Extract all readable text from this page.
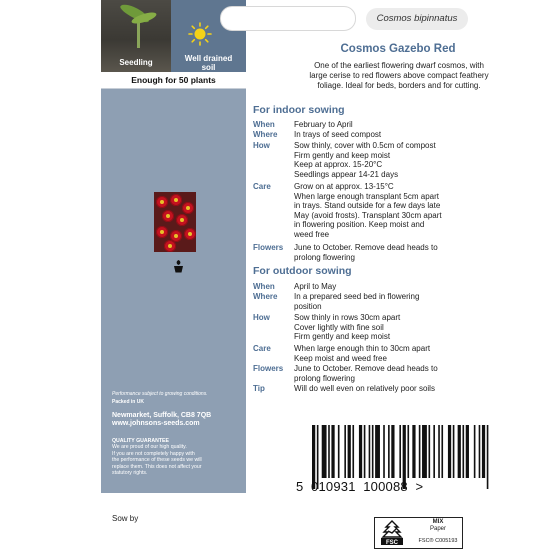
Seedling	Well drained
soil
Enough for 50 plants
Performance subject to growing conditions.
Packed in UK
Newmarket, Suffolk, CB8 7QB
www.johnsons-seeds.com
QUALITY GUARANTEE
We are proud of our high quality.
If you are not completely happy with
the performance of these seeds we will
replace them. This does not affect your
statutory rights.
Cosmos bipinnatus
Cosmos Gazebo Red
One of the earliest flowering dwarf cosmos, with
large cerise to red flowers above compact feathery
foliage. Ideal for beds, borders and for cutting.
For indoor sowing
When	February to April
Where	In trays of seed compost
How	Sow thinly, cover with 0.5cm of compost
Firm gently and keep moist
Keep at approx. 15-20°C
Seedlings appear 14-21 days
Care	Grow on at approx. 13-15°C
When large enough transplant 5cm apart
in trays. Stand outside for a few days late
May (avoid frosts). Transplant 30cm apart
in flowering position. Keep moist and
weed free
Flowers	June to October. Remove dead heads to
prolong flowering
For outdoor sowing
When	April to May
Where	In a prepared seed bed in flowering
position
How	Sow thinly in rows 30cm apart
Cover lightly with fine soil
Firm gently and keep moist
Care	When large enough thin to 30cm apart
Keep moist and weed free
Flowers	June to October. Remove dead heads to
prolong flowering
Tip	Will do well even on relatively poor soils
5  010931  100088  >
Sow by
FSC
MIX
Paper
FSC® C005193
